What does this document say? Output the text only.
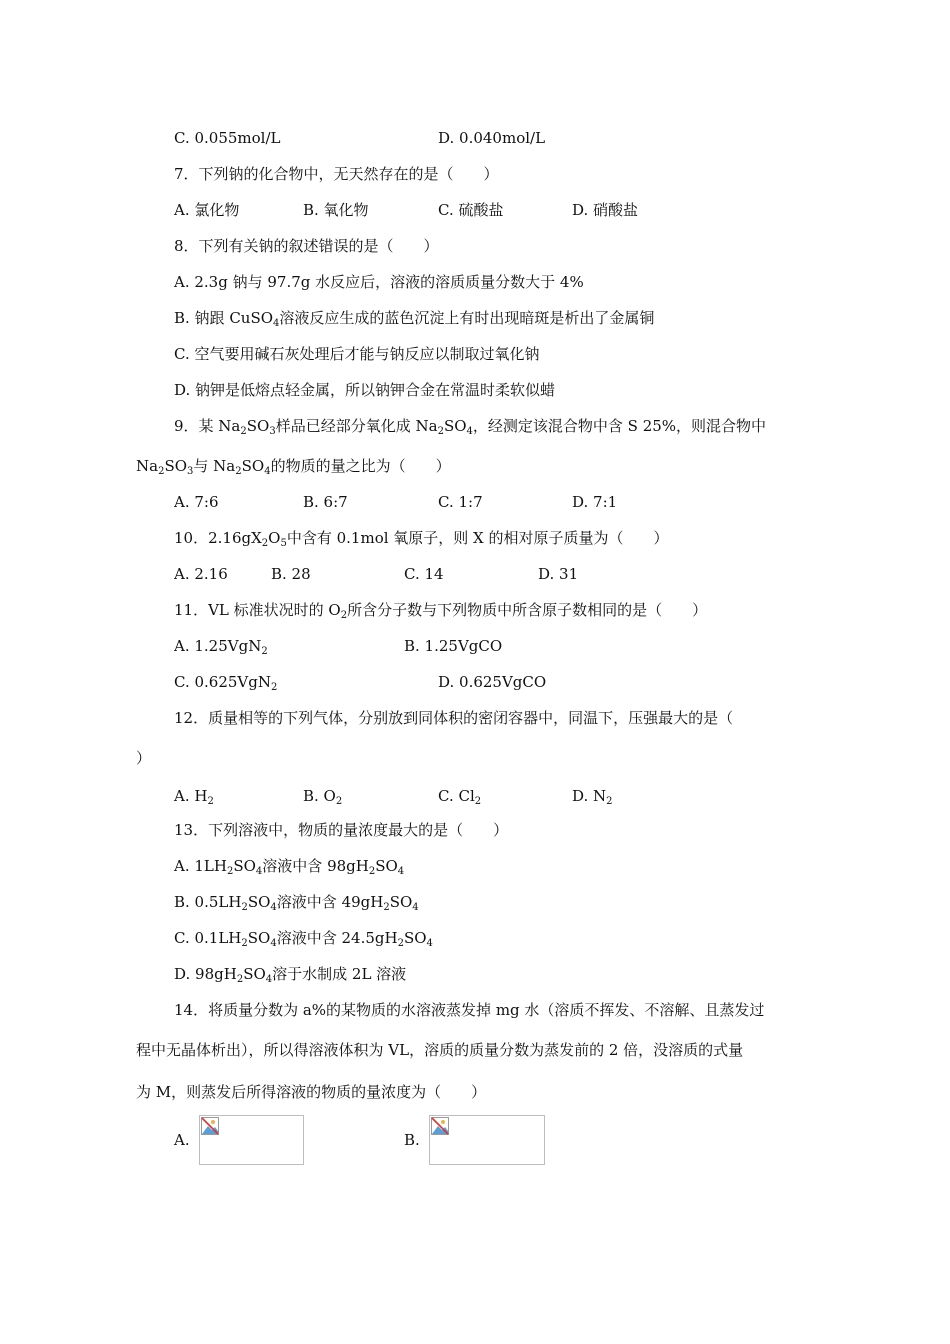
C. 0.055mol/L	D. 0.040mol/L
7．下列钠的化合物中，无天然存在的是（　　）
A. 氯化物	B. 氧化物	C. 硫酸盐	D. 硝酸盐
8．下列有关钠的叙述错误的是（　　）
A. 2.3g 钠与 97.7g 水反应后，溶液的溶质质量分数大于 4%
B. 钠跟 CuSO$_4$溶液反应生成的蓝色沉淀上有时出现暗斑是析出了金属铜
C. 空气要用碱石灰处理后才能与钠反应以制取过氧化钠
D. 钠钾是低熔点轻金属，所以钠钾合金在常温时柔软似蜡
9．某 $Na_2SO_3$样品已经部分氧化成 $Na_2SO_4$，经测定该混合物中含 S 25%，则混合物中
$Na_2SO_3$与 $Na_2SO_4$的物质的量之比为（　　）
A. 7:6	B. 6:7	C. 1:7	D. 7:1
10．$2.16gX_2O_5$中含有 0.1mol 氧原子，则 X 的相对原子质量为（　　）
A. 2.16	B. 28	C. 14	D. 31
11．VL 标准状况时的 $O_2$所含分子数与下列物质中所含原子数相同的是（　　）
A. 1.25VgN$_2$	B. 1.25VgCO
C. 0.625VgN$_2$	D. 0.625VgCO
12．质量相等的下列气体，分别放到同体积的密闭容器中，同温下，压强最大的是（
）
A. $H_2$	B. $O_2$	C. $Cl_2$	D. $N_2$
13．下列溶液中，物质的量浓度最大的是（　　）
A. $1LH_2SO_4$溶液中含 $98gH_2SO_4$
B. $0.5LH_2SO_4$溶液中含 $49gH_2SO_4$
C. $0.1LH_2SO_4$溶液中含 $24.5gH_2SO_4$
D. $98gH_2SO_4$溶于水制成 2L 溶液
14．将质量分数为 a%的某物质的水溶液蒸发掉 mg 水（溶质不挥发、不溶解、且蒸发过
程中无晶体析出），所以得溶液体积为 VL，溶质的质量分数为蒸发前的 2 倍，没溶质的式量
为 M，则蒸发后所得溶液的物质的量浓度为（　　）
A.	B.
